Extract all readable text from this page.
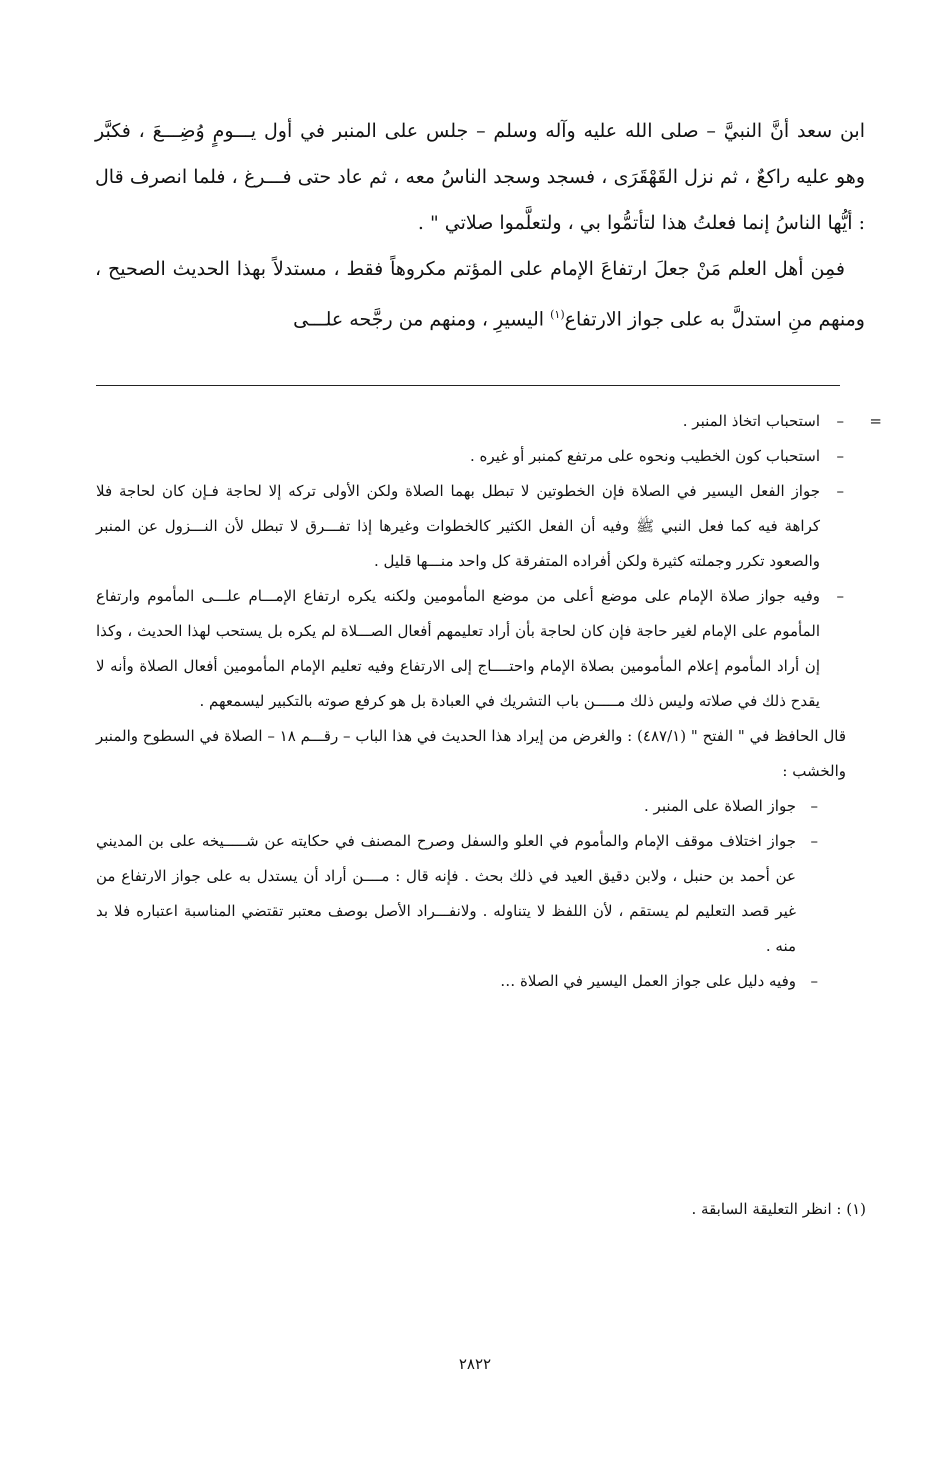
ابن سعد أنَّ النبيَّ – صلى الله عليه وآله وسلم – جلس على المنبر في أول يـــومٍ وُضِـــعَ ، فكبَّر وهو عليه راكعٌ ، ثم نزل القَهْقَرَى ، فسجد وسجد الناسُ معه ، ثم عاد حتى فـــرغ ، فلما انصرف قال : أيُّها الناسُ إنما فعلتُ هذا لتأتمُّوا بي ، ولتعلَّموا صلاتي " .

فمِن أهل العلم مَنْ جعلَ ارتفاعَ الإمام على المؤتم مكروهاً فقط ، مستدلاً بهذا الحديث الصحيح ، ومنهم منِ استدلَّ به على جواز الارتفاع$^{(١)}$ اليسيرِ ، ومنهم من رجَّحه علـــى

=
–
استحباب اتخاذ المنبر .
–
استحباب كون الخطيب ونحوه على مرتفع كمنبر أو غيره .
–
جواز الفعل اليسير في الصلاة فإن الخطوتين لا تبطل بهما الصلاة ولكن الأولى تركه إلا لحاجة فـإن كان لحاجة فلا كراهة فيه كما فعل النبي ﷺ وفيه أن الفعل الكثير كالخطوات وغيرها إذا تفـــرق لا تبطل لأن النـــزول عن المنبر والصعود تكرر وجملته كثيرة ولكن أفراده المتفرقة كل واحد منـــها قليل .
–
وفيه جواز صلاة الإمام على موضع أعلى من موضع المأمومين ولكنه يكره ارتفاع الإمـــام علـــى المأموم وارتفاع المأموم على الإمام لغير حاجة فإن كان لحاجة بأن أراد تعليمهم أفعال الصـــلاة لم يكره بل يستحب لهذا الحديث ، وكذا إن أراد المأموم إعلام المأمومين بصلاة الإمام واحتــــاج إلى الارتفاع وفيه تعليم الإمام المأمومين أفعال الصلاة وأنه لا يقدح ذلك في صلاته وليس ذلك مـــــن باب التشريك في العبادة بل هو كرفع صوته بالتكبير ليسمعهم .
قال الحافظ في " الفتح " (٤٨٧/١) : والغرض من إيراد هذا الحديث في هذا الباب – رقـــم ١٨ – الصلاة في السطوح والمنبر والخشب :
–
جواز الصلاة على المنبر .
–
جواز اختلاف موقف الإمام والمأموم في العلو والسفل وصرح المصنف في حكايته عن شـــــيخه على بن المديني عن أحمد بن حنبل ، ولابن دقيق العيد في ذلك بحث . فإنه قال : مــــن أراد أن يستدل به على جواز الارتفاع من غير قصد التعليم لم يستقم ، لأن اللفظ لا يتناوله . ولانفـــراد الأصل بوصف معتبر تقتضي المناسبة اعتباره فلا بد منه .
–
وفيه دليل على جواز العمل اليسير في الصلاة …
(١) : انظر التعليقة السابقة .
٢٨٢٢
